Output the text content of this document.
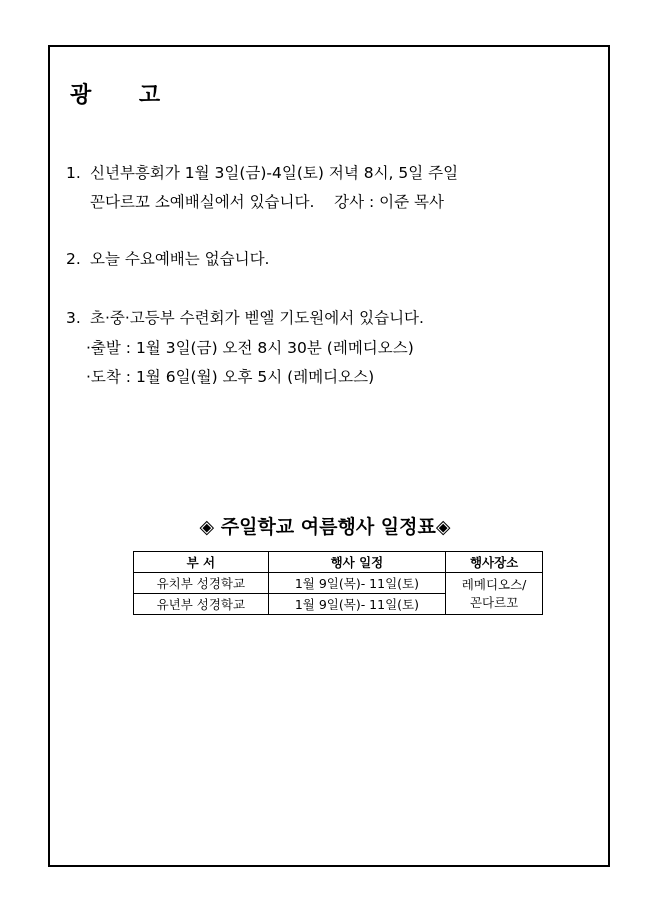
광 고
1. 신년부흥회가 1월 3일(금)-4일(토) 저녁 8시, 5일 주일
꼰다르꼬 소예배실에서 있습니다.    강사 : 이준 목사
2. 오늘 수요예배는 없습니다.
3. 초·중·고등부 수련회가 벧엘 기도원에서 있습니다.
·출발 : 1월 3일(금) 오전 8시 30분 (레메디오스)
·도착 : 1월 6일(월) 오후 5시 (레메디오스)
◈ 주일학교 여름행사 일정표◈
부 서	행사 일정	행사장소
유치부 성경학교	1월 9일(목)- 11일(토)	레메디오스/
꼰다르꼬

유년부 성경학교	1월 9일(목)- 11일(토)	
